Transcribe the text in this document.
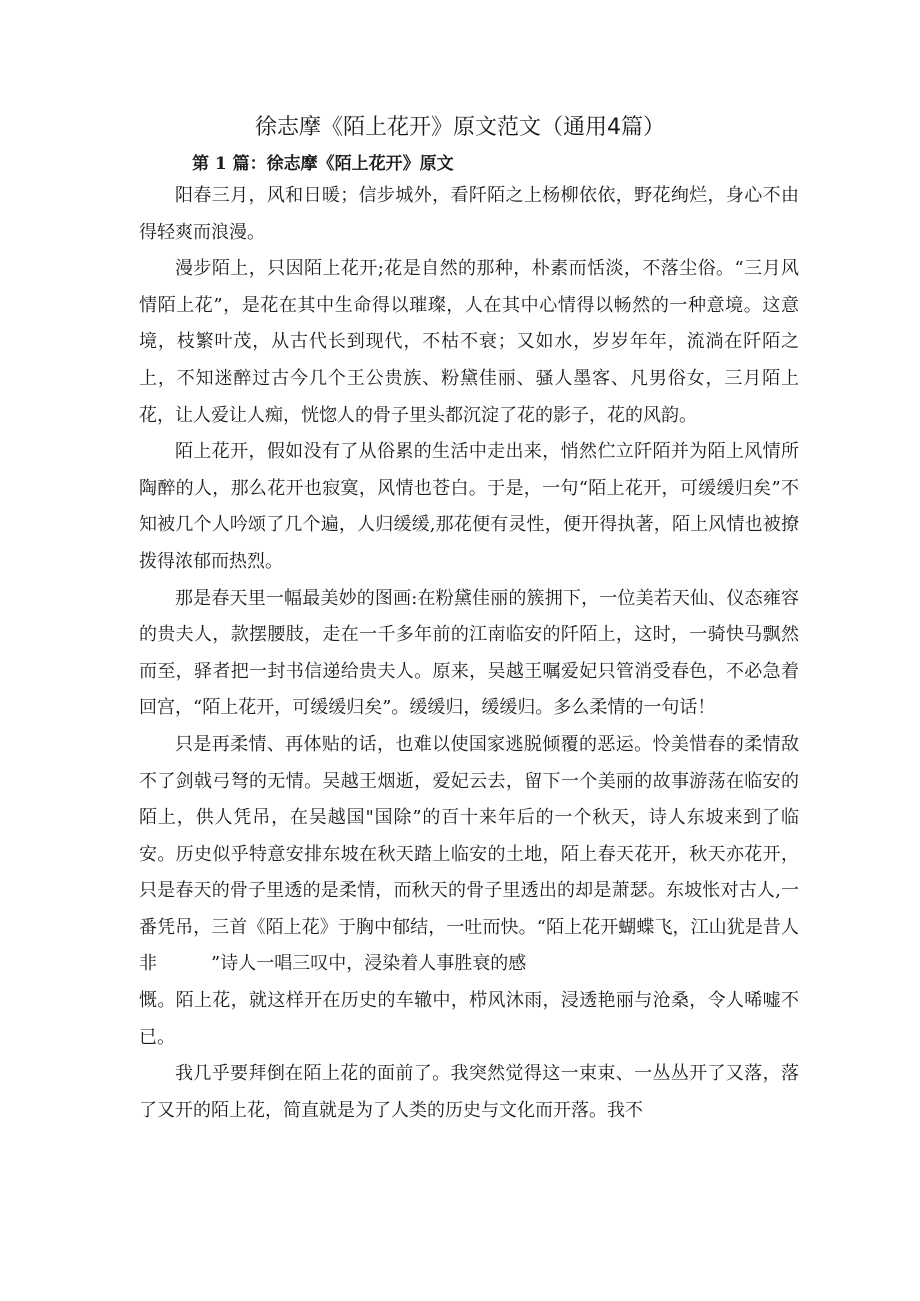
徐志摩《陌上花开》原文范文（通用4篇）
第 1 篇：徐志摩《陌上花开》原文

阳春三月，风和日暖；信步城外，看阡陌之上杨柳依依，野花绚烂，身心不由得轻爽而浪漫。

漫步陌上，只因陌上花开;花是自然的那种，朴素而恬淡，不落尘俗。“三月风情陌上花”，是花在其中生命得以璀璨，人在其中心情得以畅然的一种意境。这意境，枝繁叶茂，从古代长到现代，不枯不衰；又如水，岁岁年年，流淌在阡陌之上，不知迷醉过古今几个王公贵族、粉黛佳丽、骚人墨客、凡男俗女，三月陌上花，让人爱让人痴，恍惚人的骨子里头都沉淀了花的影子，花的风韵。

陌上花开，假如没有了从俗累的生活中走出来，悄然伫立阡陌并为陌上风情所陶醉的人，那么花开也寂寞，风情也苍白。于是，一句“陌上花开，可缓缓归矣”不知被几个人吟颂了几个遍，人归缓缓,那花便有灵性，便开得执著，陌上风情也被撩拨得浓郁而热烈。

那是春天里一幅最美妙的图画:在粉黛佳丽的簇拥下，一位美若天仙、仪态雍容的贵夫人，款摆腰肢，走在一千多年前的江南临安的阡陌上，这时，一骑快马飘然而至，驿者把一封书信递给贵夫人。原来，吴越王嘱爱妃只管消受春色，不必急着回宫，“陌上花开，可缓缓归矣”。缓缓归，缓缓归。多么柔情的一句话！

只是再柔情、再体贴的话，也难以使国家逃脱倾覆的恶运。怜美惜春的柔情敌不了剑戟弓弩的无情。吴越王烟逝，爱妃云去，留下一个美丽的故事游荡在临安的陌上，供人凭吊，在吴越国"国除”的百十来年后的一个秋天，诗人东坡来到了临安。历史似乎特意安排东坡在秋天踏上临安的土地，陌上春天花开，秋天亦花开，只是春天的骨子里透的是柔情，而秋天的骨子里透出的却是萧瑟。东坡怅对古人,一番凭吊，三首《陌上花》于胸中郁结，一吐而快。“陌上花开蝴蝶飞，江山犹是昔人非　　　”诗人一唱三叹中，浸染着人事胜衰的感

慨。陌上花，就这样开在历史的车辙中，栉风沐雨，浸透艳丽与沧桑，令人唏嘘不已。

我几乎要拜倒在陌上花的面前了。我突然觉得这一束束、一丛丛开了又落，落了又开的陌上花，简直就是为了人类的历史与文化而开落。我不
